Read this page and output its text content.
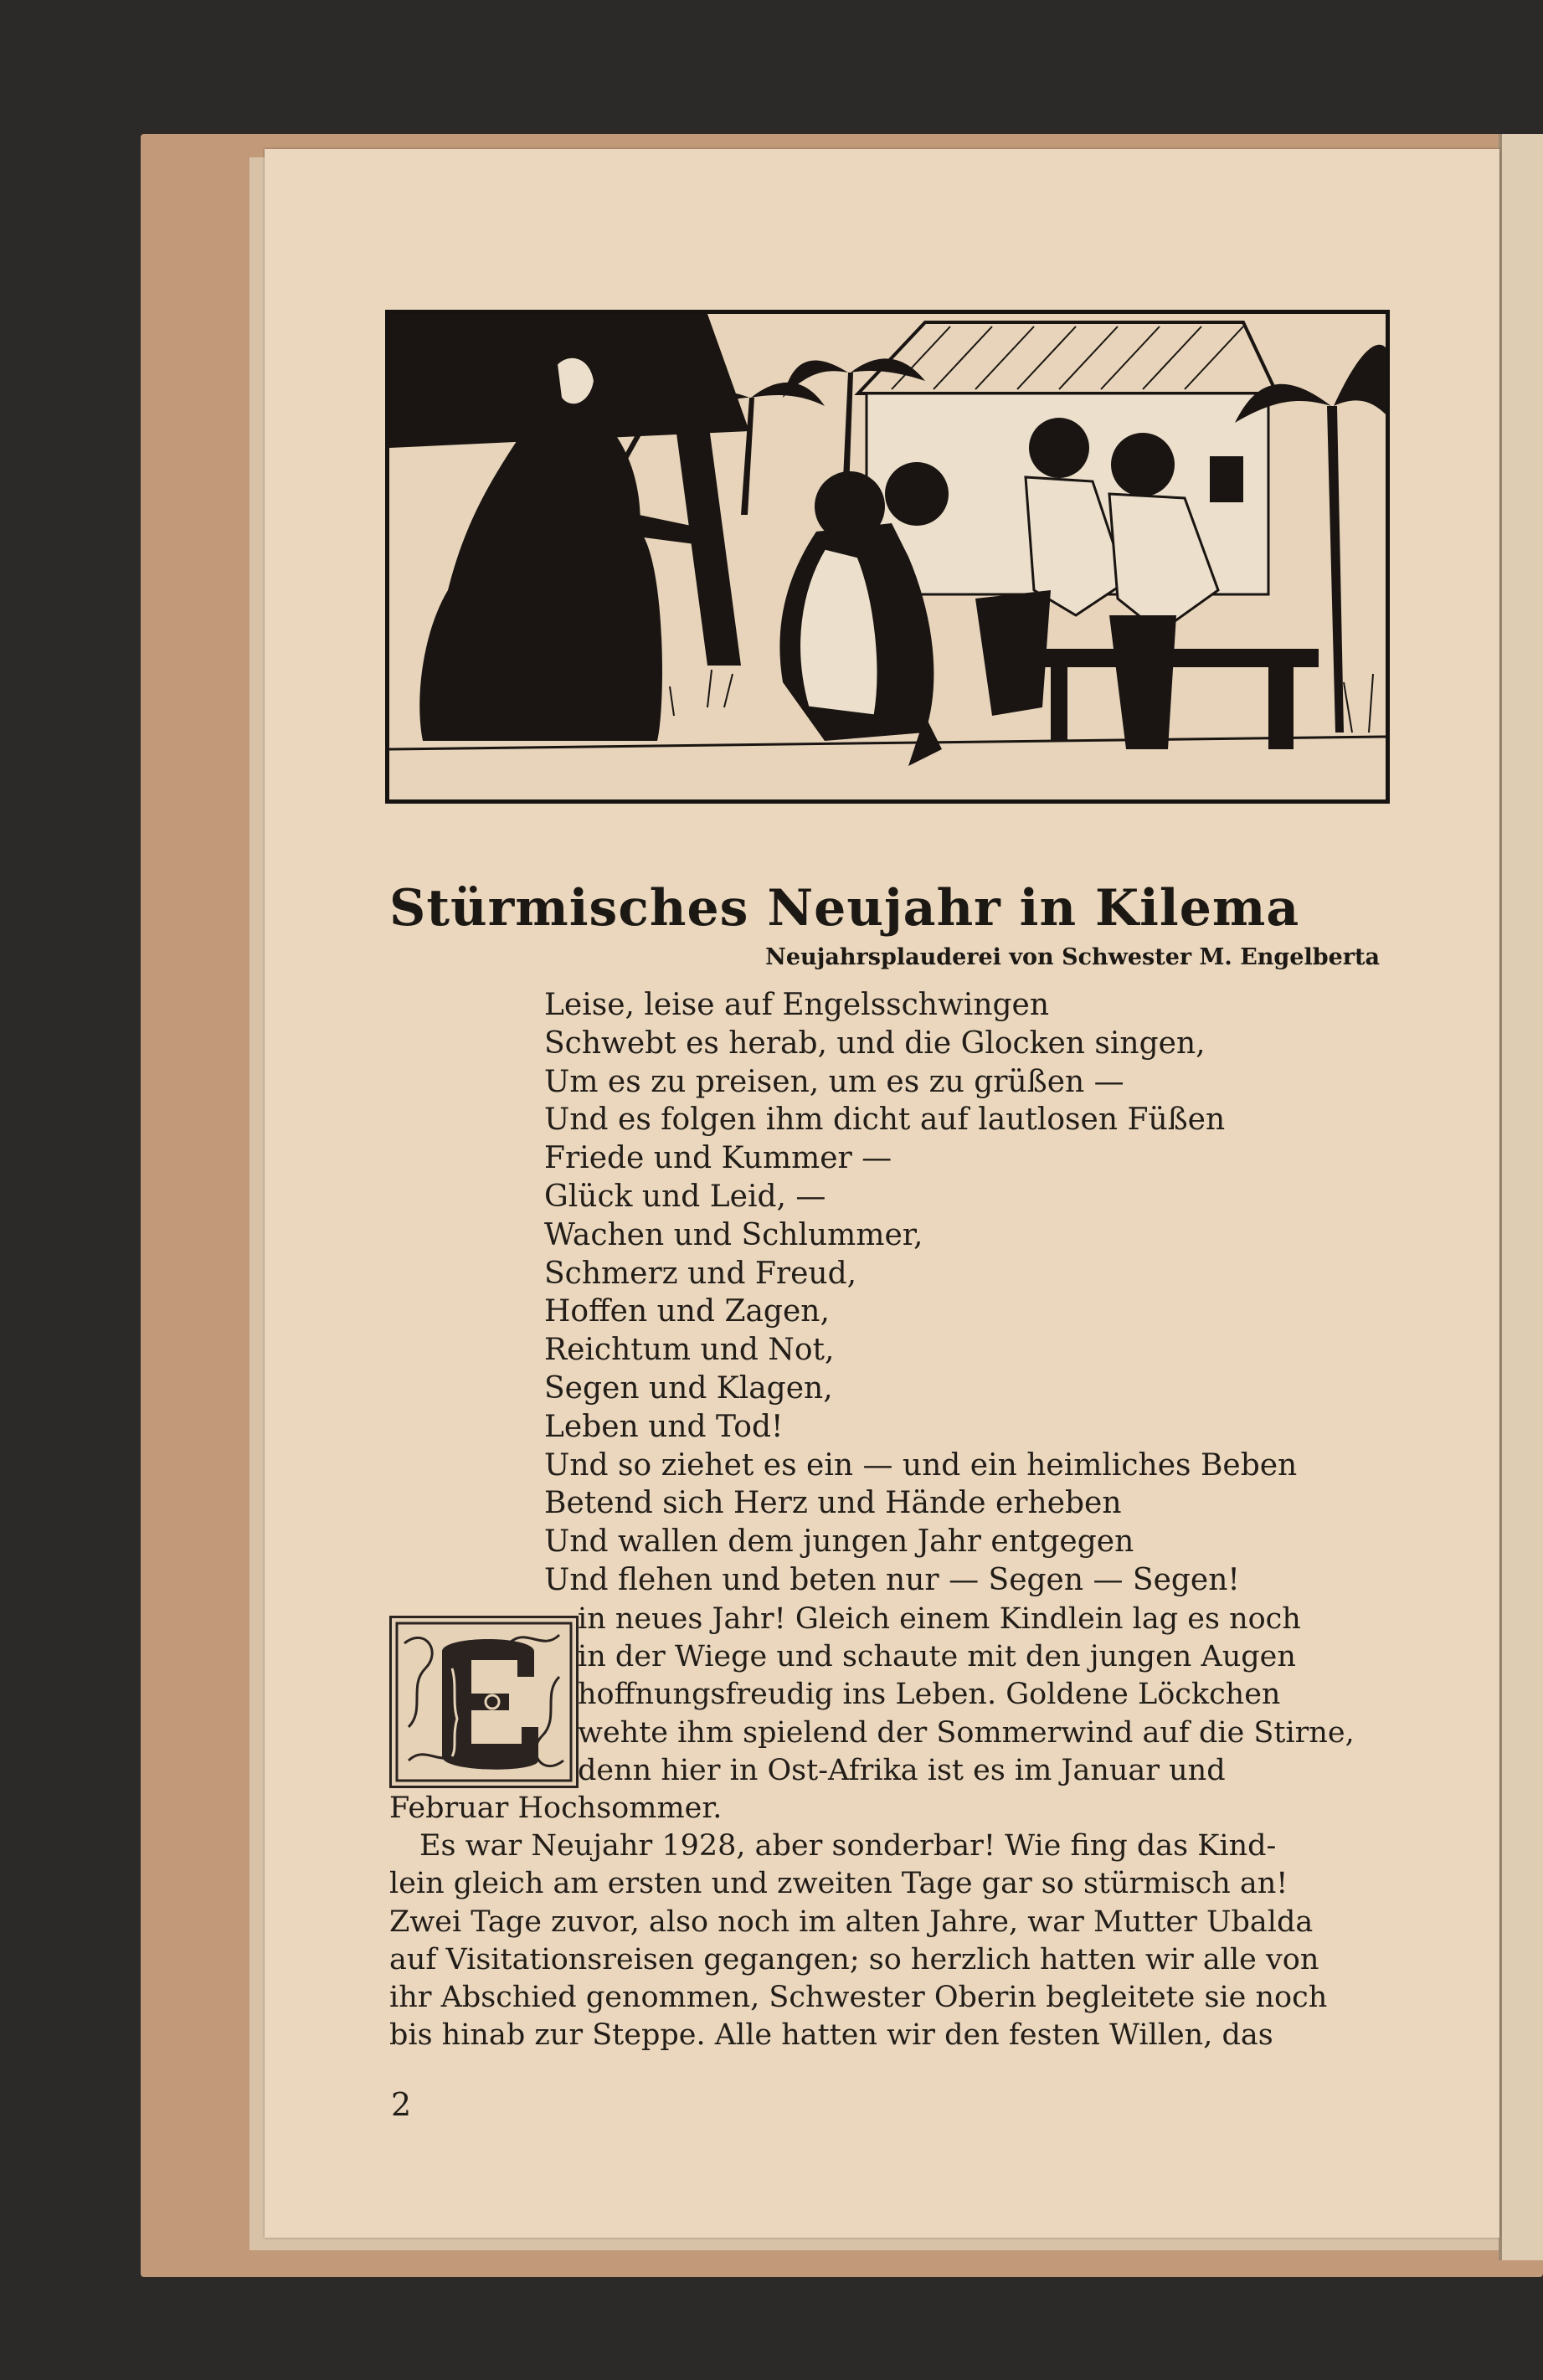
Stürmisches Neujahr in Kilema
Neujahrsplauderei von Schwester M. Engelberta
Leise, leise auf Engelsschwingen
Schwebt es herab, und die Glocken singen,
Um es zu preisen, um es zu grüßen —
Und es folgen ihm dicht auf lautlosen Füßen
Friede und Kummer —
Glück und Leid, —
Wachen und Schlummer,
Schmerz und Freud,
Hoffen und Zagen,
Reichtum und Not,
Segen und Klagen,
Leben und Tod!
Und so ziehet es ein — und ein heimliches Beben
Betend sich Herz und Hände erheben
Und wallen dem jungen Jahr entgegen
Und flehen und beten nur — Segen — Segen!
in neues Jahr! Gleich einem Kindlein lag es noch
in der Wiege und schaute mit den jungen Augen
hoffnungsfreudig ins Leben. Goldene Löckchen
wehte ihm spielend der Sommerwind auf die Stirne,
denn hier in Ost-Afrika ist es im Januar und
Februar Hochsommer.
Es war Neujahr 1928, aber sonderbar! Wie fing das Kind-
lein gleich am ersten und zweiten Tage gar so stürmisch an!
Zwei Tage zuvor, also noch im alten Jahre, war Mutter Ubalda
auf Visitationsreisen gegangen; so herzlich hatten wir alle von
ihr Abschied genommen, Schwester Oberin begleitete sie noch
bis hinab zur Steppe. Alle hatten wir den festen Willen, das
2
